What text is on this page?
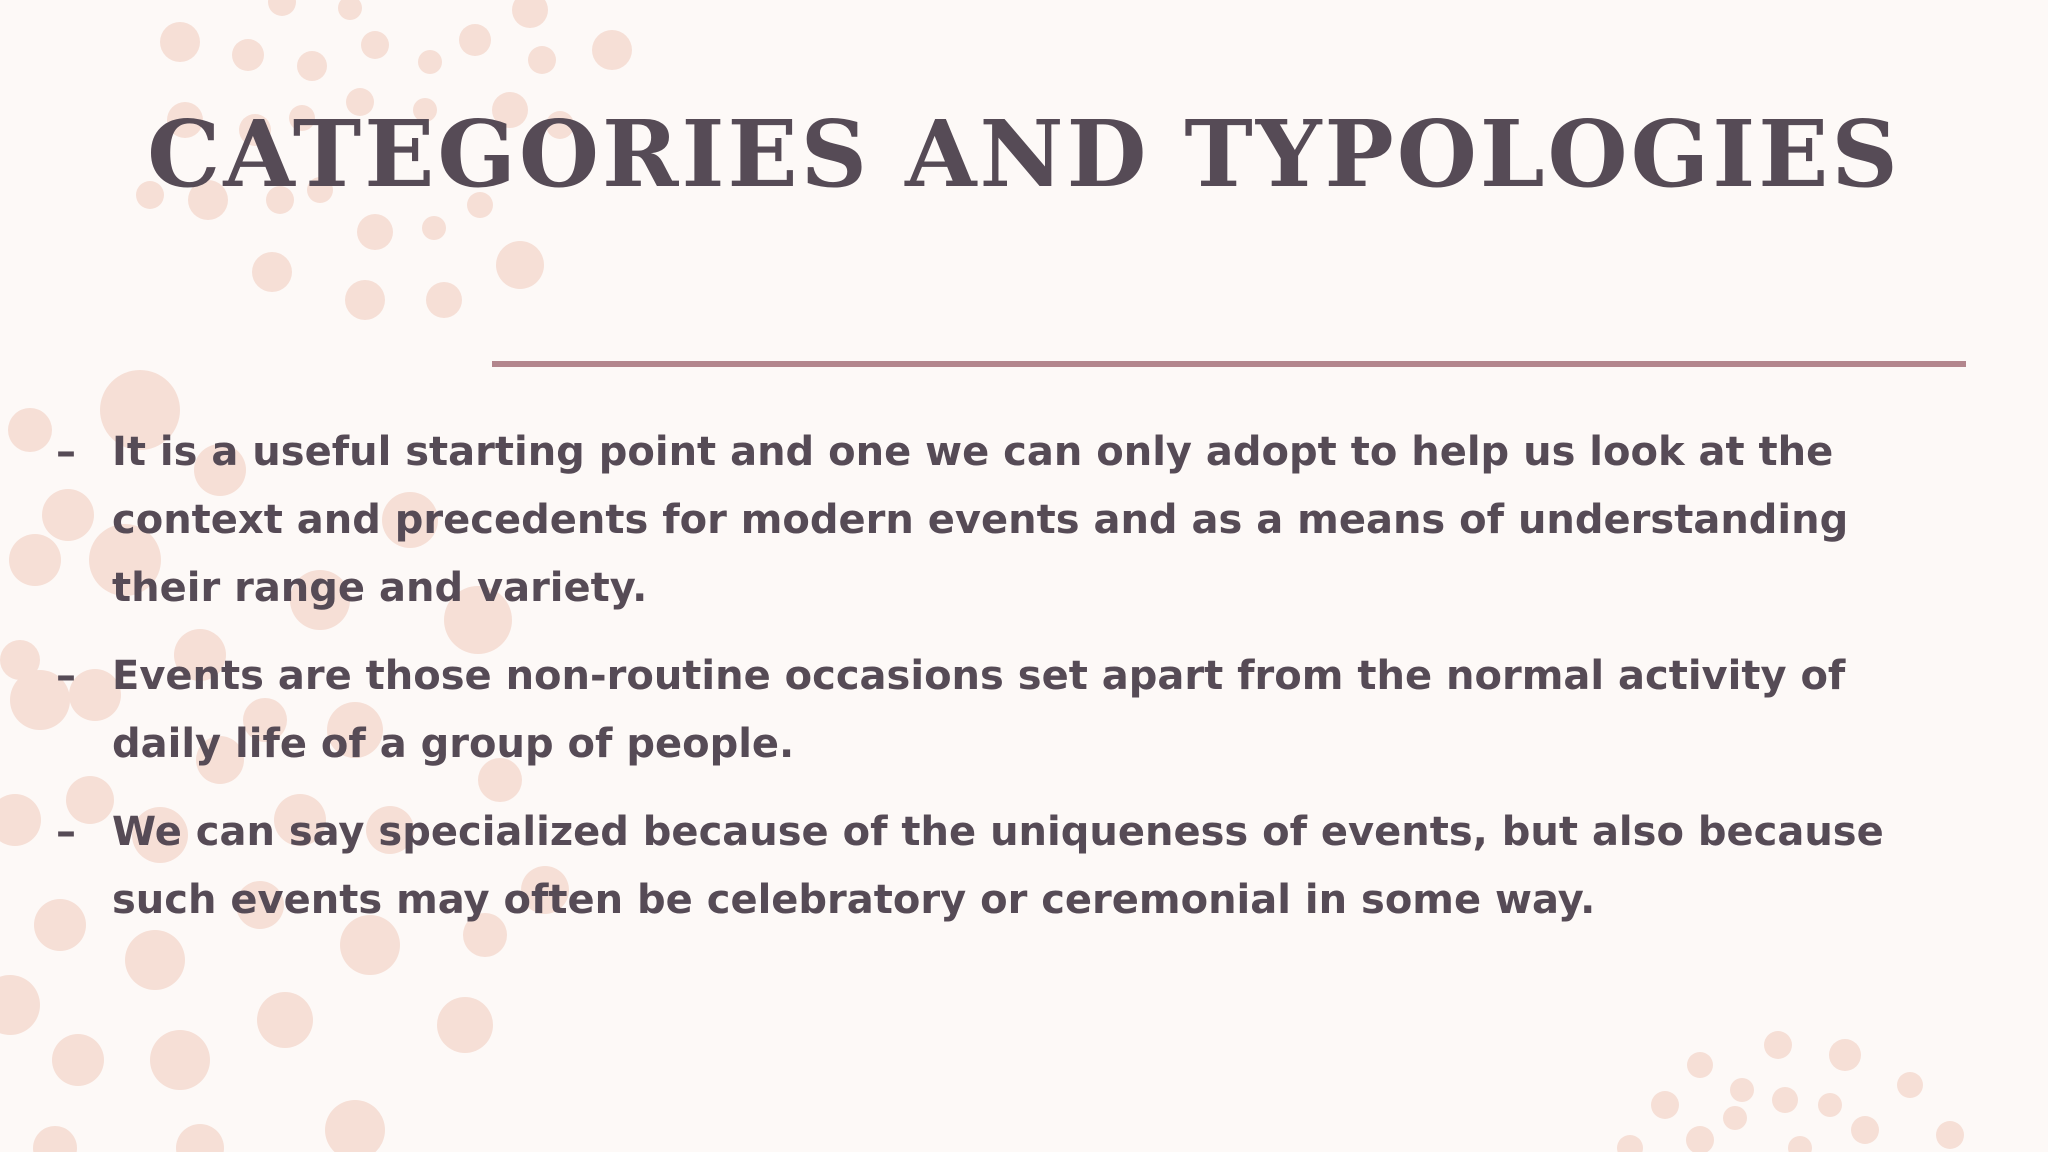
CATEGORIES AND TYPOLOGIES
– It is a useful starting point and one we can only adopt to help us look at the context and precedents for modern events and as a means of understanding their range and variety.
– Events are those non-routine occasions set apart from the normal activity of daily life of a group of people.
– We can say specialized because of the uniqueness of events, but also because such events may often be celebratory or ceremonial in some way.
